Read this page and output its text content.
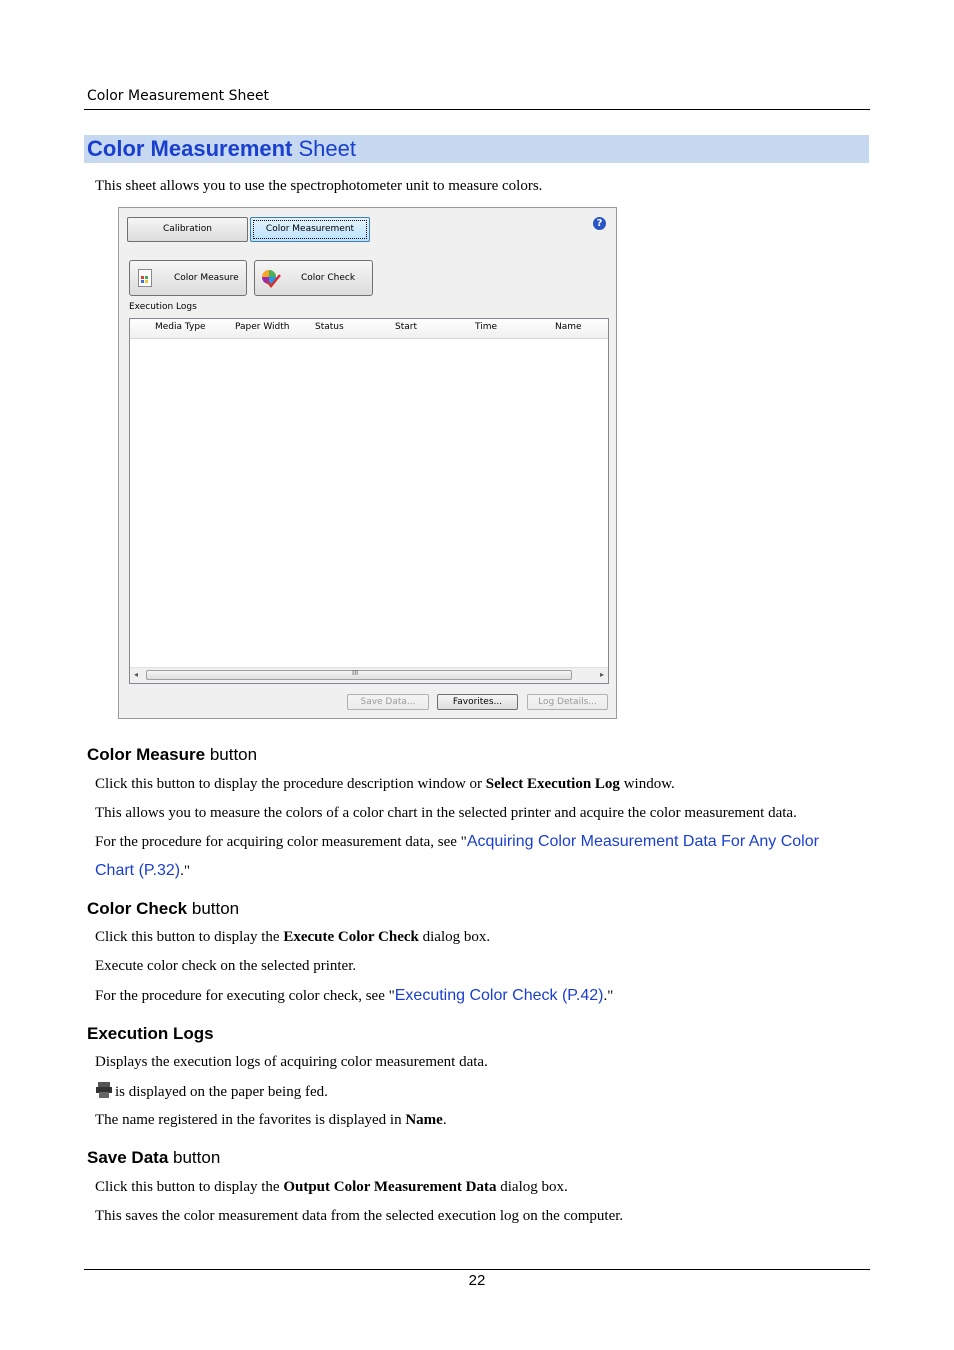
Color Measurement Sheet
Color Measurement Sheet
This sheet allows you to use the spectrophotometer unit to measure colors.
Calibration	Color Measurement	?
Color Measure	Color Check
Execution Logs
Media Type	Paper Width	Status	Start	Time	Name
◂	III	▸
Save Data...	Favorites...	Log Details...
Color Measure button
Click this button to display the procedure description window or Select Execution Log window.
This allows you to measure the colors of a color chart in the selected printer and acquire the color measurement data.
For the procedure for acquiring color measurement data, see "Acquiring Color Measurement Data For Any Color
Chart (P.32)."
Color Check button
Click this button to display the Execute Color Check dialog box.
Execute color check on the selected printer.
For the procedure for executing color check, see "Executing Color Check (P.42)."
Execution Logs
Displays the execution logs of acquiring color measurement data.
is displayed on the paper being fed.
The name registered in the favorites is displayed in Name.
Save Data button
Click this button to display the Output Color Measurement Data dialog box.
This saves the color measurement data from the selected execution log on the computer.
22
